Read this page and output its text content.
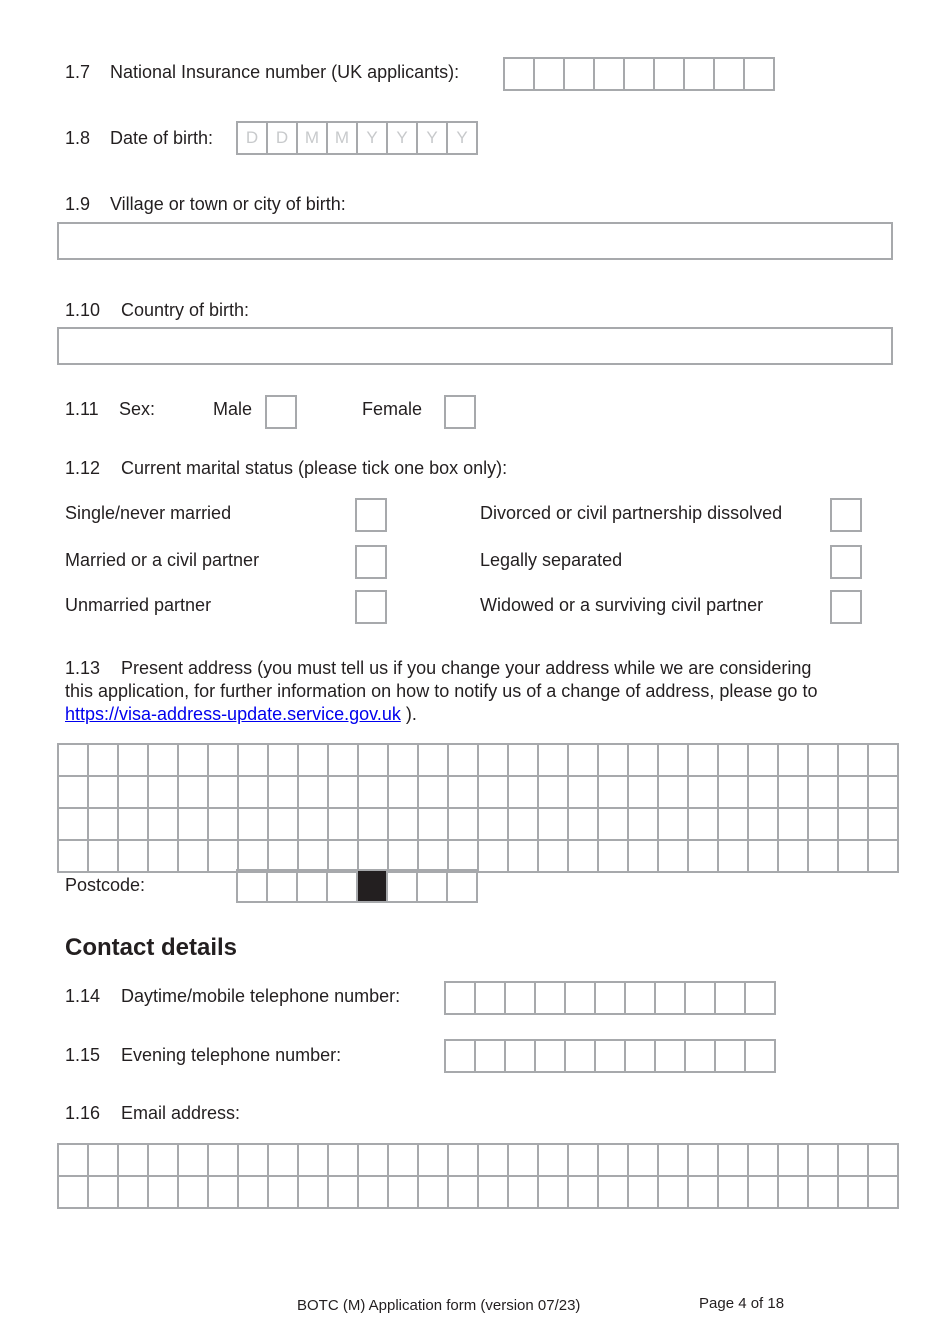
1.7 National Insurance number (UK applicants):
1.8 Date of birth:	D	D M M	Y	Y	Y	Y
1.9 Village or town or city of birth:
1.10 Country of birth:
1.11 Sex:	Male	Female
1.12 Current marital status (please tick one box only):
Single/never married	Divorced or civil partnership dissolved
Married or a civil partner	Legally separated
Unmarried partner	Widowed or a surviving civil partner
1.13 Present address (you must tell us if you change your address while we are considering
this application, for further information on how to notify us of a change of address, please go to
https://visa-address-update.service.gov.uk ).
Postcode:
Contact details
1.14 Daytime/mobile telephone number:
1.15 Evening telephone number:
1.16 Email address:
BOTC (M) Application form (version 07/23)	Page 4 of 18
